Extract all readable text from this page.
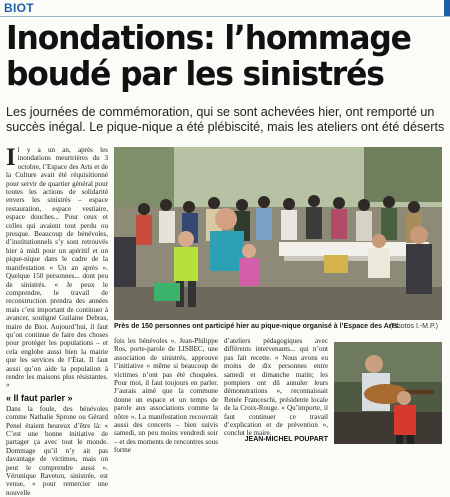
BIOT
Inondations: l’hommage boudé par les sinistrés
Les journées de commémoration, qui se sont achevées hier, ont remporté un succès inégal. Le pique-nique a été plébiscité, mais les ateliers ont été déserts
Il y a un an, après les inondations meurtrières du 3 octobre, l’Espace des Arts et de la Culture avait été réquisitionné pour servir de quartier général pour toutes les actions de solidarité envers les sinistrés – espace restauration, espace vestiaire, espace douches... Pour ceux et celles qui avaient tout perdu ou presque. Beaucoup de bénévoles, d’institutionnels s’y sont retrouvés hier à midi pour un apéritif et un pique-nique dans le cadre de la manifestation « Un an après ». Quelque 150 personnes... dont peu de sinistrés. « Je peux le comprendre, le travail de reconstruction prendra des années mais c’est important de continuer à avancer, souligné Guilaine Debras, maire de Biot. Aujourd’hui, il faut qu’on continue de faire des choses pour protéger les populations – et cela englobe aussi bien la mairie que les services de l’État. Il faut aussi qu’on aide la population à rendre les maisons plus résistantes. »
« Il faut parler »
Dans la foule, des bénévoles comme Nathalie Sprone ou Gérard Penel étaient heureux d’être là: « C’est une bonne initiative de partager ça avec tout le monde. Dommage qu’il n’y ait pas davantage de victimes, mais on peut le comprendre aussi ». Véronique Raveton, sinistrée, est venue, « pour remercier une nouvelle
Près de 150 personnes ont participé hier au pique-nique organisé à l’Espace des Arts.
(Photos I.-M.P.)
fois les bénévoles ». Jean-Philippe Ros, porte-parole de LISBEC, une association de sinistrés, approuve l’initiative « même si beaucoup de victimes n’ont pas été choquées. Pour moi, il faut toujours en parler. J’aurais aimé que la commune donne un espace et un temps de parole aux associations comme la nôtre ». La manifestation recouvrait aussi des concerts – bien suivis samedi, un peu moins vendredi soir – et des moments de rencontres sous forme
d’ateliers pédagogiques avec différents intervenants... qui n’ont pas fait recette. « Nous avons eu moins de dix personnes entre samedi et dimanche matin; les pompiers ont dû annuler leurs démonstrations », reconnaissait Renée Franceschi, présidente locale de la Croix-Rouge. « Qu’importe, il faut continuer ce travail d’explication et de prévention », conclut le maire.
JEAN-MICHEL POUPART
